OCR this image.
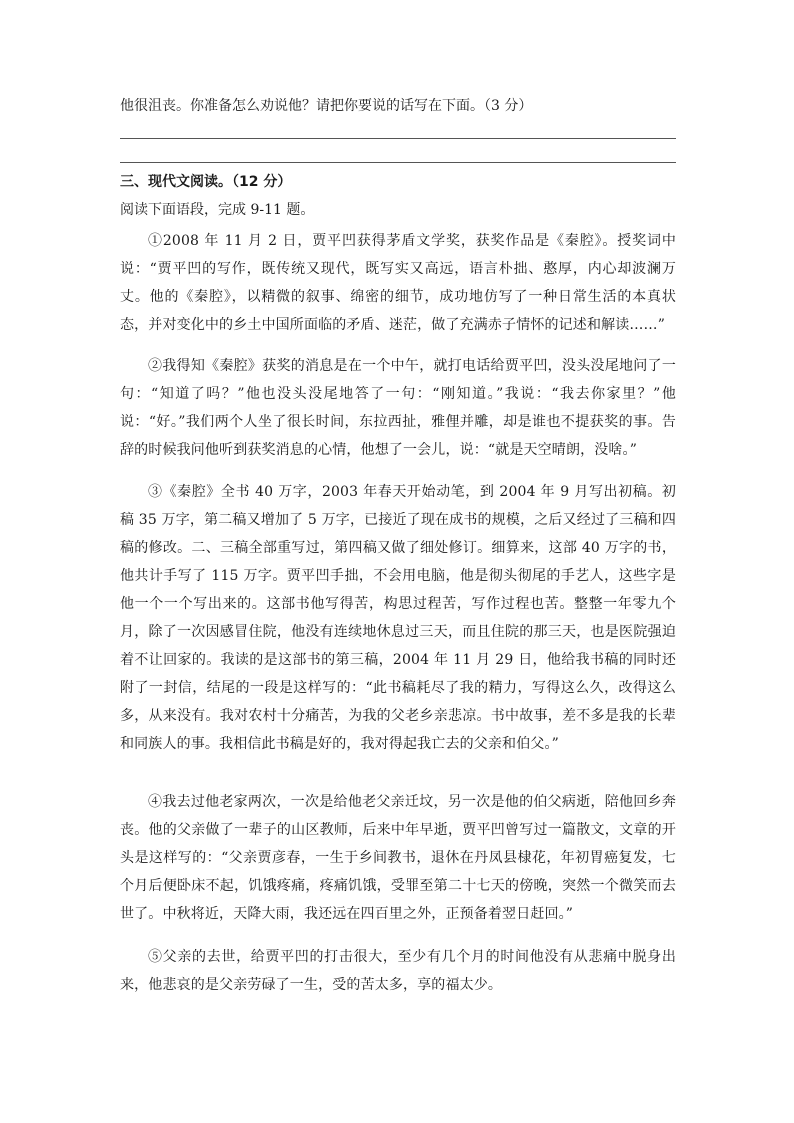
他很沮丧。你准备怎么劝说他？请把你要说的话写在下面。（3 分）
三、现代文阅读。（12 分）
阅读下面语段，完成 9-11 题。

①2008 年 11 月 2 日，贾平凹获得茅盾文学奖，获奖作品是《秦腔》。授奖词中说：“贾平凹的写作，既传统又现代，既写实又高远，语言朴拙、憨厚，内心却波澜万丈。他的《秦腔》，以精微的叙事、绵密的细节，成功地仿写了一种日常生活的本真状态，并对变化中的乡土中国所面临的矛盾、迷茫，做了充满赤子情怀的记述和解读……”

②我得知《秦腔》获奖的消息是在一个中午，就打电话给贾平凹，没头没尾地问了一句：“知道了吗？”他也没头没尾地答了一句：“刚知道。”我说：“我去你家里？”他说：“好。”我们两个人坐了很长时间，东拉西扯，雅俚并雕，却是谁也不提获奖的事。告辞的时候我问他听到获奖消息的心情，他想了一会儿，说：“就是天空晴朗，没啥。”

③《秦腔》全书 40 万字，2003 年春天开始动笔，到 2004 年 9 月写出初稿。初稿 35 万字，第二稿又增加了 5 万字，已接近了现在成书的规模，之后又经过了三稿和四稿的修改。二、三稿全部重写过，第四稿又做了细处修订。细算来，这部 40 万字的书，他共计手写了 115 万字。贾平凹手拙，不会用电脑，他是彻头彻尾的手艺人，这些字是他一个一个写出来的。这部书他写得苦，构思过程苦，写作过程也苦。整整一年零九个月，除了一次因感冒住院，他没有连续地休息过三天，而且住院的那三天，也是医院强迫着不让回家的。我读的是这部书的第三稿，2004 年 11 月 29 日，他给我书稿的同时还附了一封信，结尾的一段是这样写的：“此书稿耗尽了我的精力，写得这么久，改得这么多，从来没有。我对农村十分痛苦，为我的父老乡亲悲凉。书中故事，差不多是我的长辈和同族人的事。我相信此书稿是好的，我对得起我亡去的父亲和伯父。”

④我去过他老家两次，一次是给他老父亲迁坟，另一次是他的伯父病逝，陪他回乡奔丧。他的父亲做了一辈子的山区教师，后来中年早逝，贾平凹曾写过一篇散文，文章的开头是这样写的：“父亲贾彦春，一生于乡间教书，退休在丹凤县棣花，年初胃癌复发，七个月后便卧床不起，饥饿疼痛，疼痛饥饿，受罪至第二十七天的傍晚，突然一个微笑而去世了。中秋将近，天降大雨，我还远在四百里之外，正预备着翌日赶回。”

⑤父亲的去世，给贾平凹的打击很大，至少有几个月的时间他没有从悲痛中脱身出来，他悲哀的是父亲劳碌了一生，受的苦太多，享的福太少。
